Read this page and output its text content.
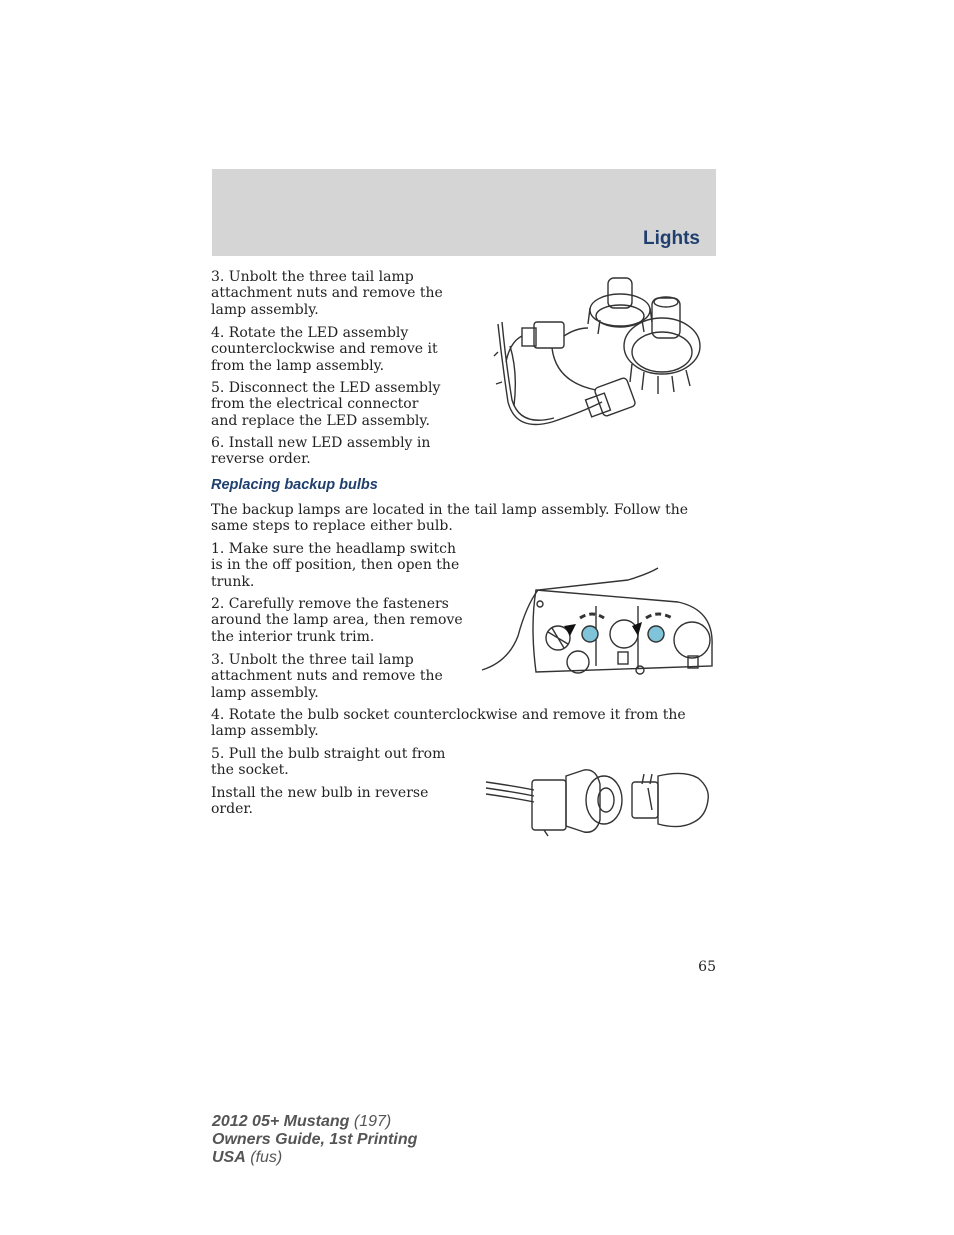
Lights

3. Unbolt the three tail lamp attachment nuts and remove the lamp assembly.

4. Rotate the LED assembly counterclockwise and remove it from the lamp assembly.

5. Disconnect the LED assembly from the electrical connector and replace the LED assembly.

6. Install new LED assembly in reverse order.

Replacing backup bulbs

The backup lamps are located in the tail lamp assembly. Follow the same steps to replace either bulb.

1. Make sure the headlamp switch is in the off position, then open the trunk.

2. Carefully remove the fasteners around the lamp area, then remove the interior trunk trim.

3. Unbolt the three tail lamp attachment nuts and remove the lamp assembly.

4. Rotate the bulb socket counterclockwise and remove it from the lamp assembly.

5. Pull the bulb straight out from the socket.

Install the new bulb in reverse order.

65
2012 05+ Mustang (197)
Owners Guide, 1st Printing
USA (fus)
